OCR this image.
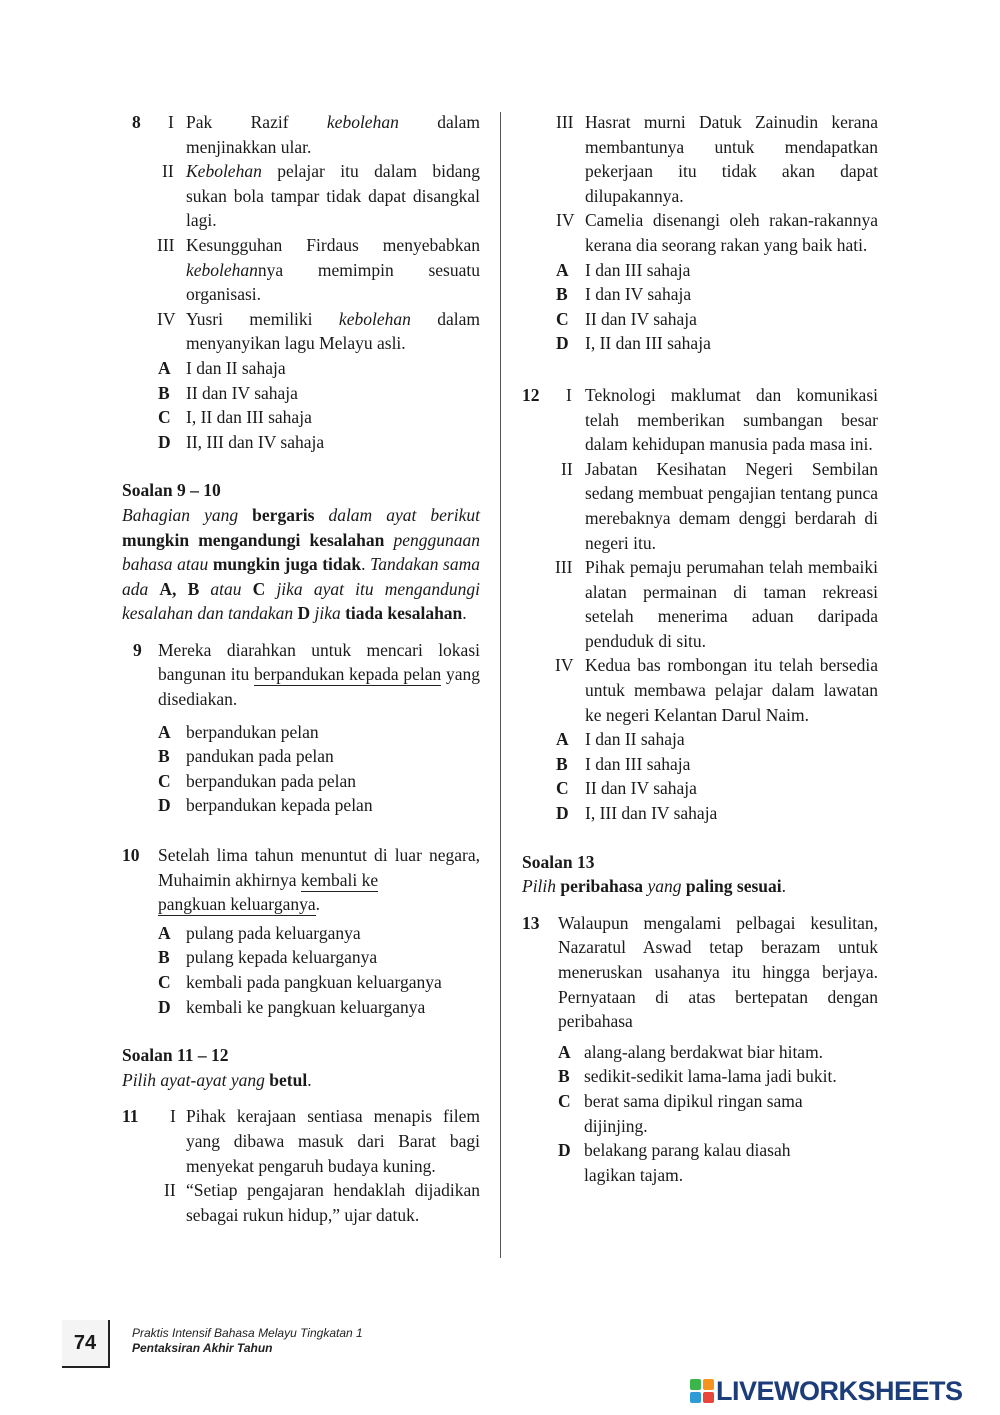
8 I Pak Razif kebolehan dalam
menjinakkan ular.
II Kebolehan pelajar itu dalam bidang sukan bola tampar tidak dapat disangkal lagi.
III Kesungguhan Firdaus menyebabkan kebolehannya memimpin sesuatu organisasi.
IV Yusri memiliki kebolehan dalam menyanyikan lagu Melayu asli.
A I dan II sahaja
B II dan IV sahaja
C I, II dan III sahaja
D II, III dan IV sahaja
Soalan 9 – 10
Bahagian yang bergaris dalam ayat berikut mungkin mengandungi kesalahan penggunaan bahasa atau mungkin juga tidak. Tandakan sama ada A, B atau C jika ayat itu mengandungi kesalahan dan tandakan D jika tiada kesalahan.
9 Mereka diarahkan untuk mencari lokasi bangunan itu berpandukan kepada pelan yang disediakan.
A berpandukan pelan
B pandukan pada pelan
C berpandukan pada pelan
D berpandukan kepada pelan
10 Setelah lima tahun menuntut di luar negara, Muhaimin akhirnya kembali ke
pangkuan keluarganya.
A pulang pada keluarganya
B pulang kepada keluarganya
C kembali pada pangkuan keluarganya
D kembali ke pangkuan keluarganya
Soalan 11 – 12
Pilih ayat-ayat yang betul.
11 I Pihak kerajaan sentiasa menapis filem yang dibawa masuk dari Barat bagi menyekat pengaruh budaya kuning.
II “Setiap pengajaran hendaklah dijadikan sebagai rukun hidup,” ujar datuk.
III Hasrat murni Datuk Zainudin kerana membantunya untuk mendapatkan pekerjaan itu tidak akan dapat dilupakannya.
IV Camelia disenangi oleh rakan-rakannya kerana dia seorang rakan yang baik hati.
A I dan III sahaja
B I dan IV sahaja
C II dan IV sahaja
D I, II dan III sahaja
12 I Teknologi maklumat dan komunikasi telah memberikan sumbangan besar dalam kehidupan manusia pada masa ini.
II Jabatan Kesihatan Negeri Sembilan sedang membuat pengajian tentang punca merebaknya demam denggi berdarah di negeri itu.
III Pihak pemaju perumahan telah membaiki alatan permainan di taman rekreasi setelah menerima aduan daripada penduduk di situ.
IV Kedua bas rombongan itu telah bersedia untuk membawa pelajar dalam lawatan ke negeri Kelantan Darul Naim.
A I dan II sahaja
B I dan III sahaja
C II dan IV sahaja
D I, III dan IV sahaja
Soalan 13
Pilih peribahasa yang paling sesuai.
13 Walaupun mengalami pelbagai kesulitan, Nazaratul Aswad tetap berazam untuk meneruskan usahanya itu hingga berjaya. Pernyataan di atas bertepatan dengan peribahasa
A alang-alang berdakwat biar hitam.
B sedikit-sedikit lama-lama jadi bukit.
C berat sama dipikul ringan sama dijinjing.
D belakang parang kalau diasah lagikan tajam.
74	Praktis Intensif Bahasa Melayu Tingkatan 1
Pentaksiran Akhir Tahun
LIVEWORKSHEETS
